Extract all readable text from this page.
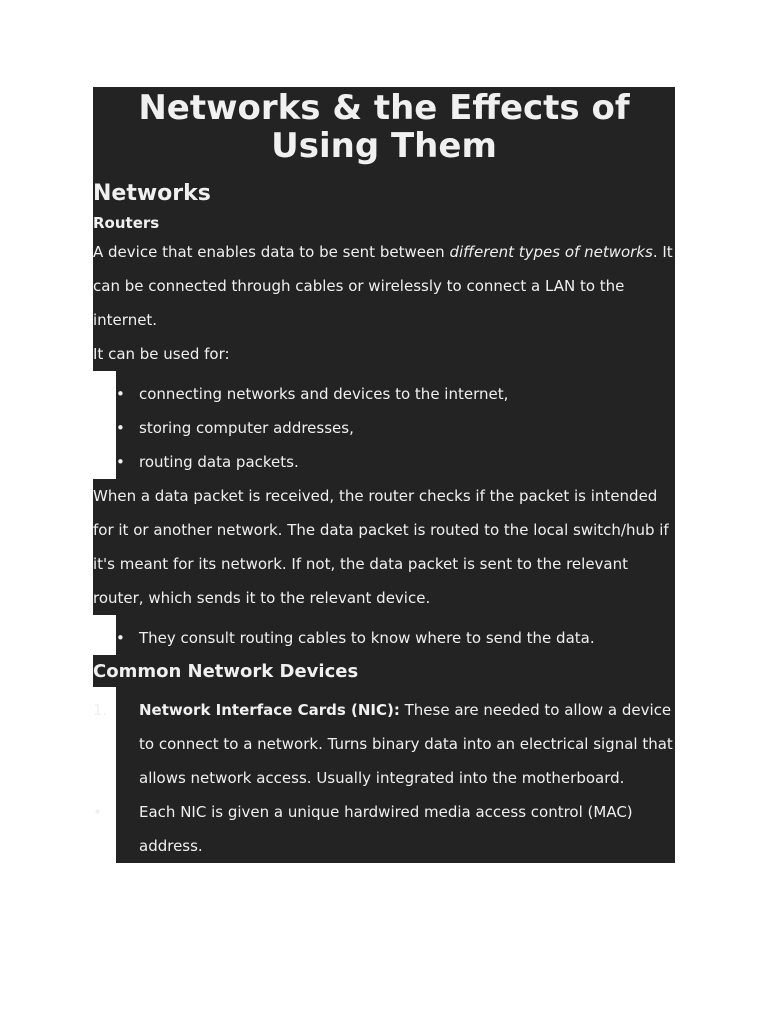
Networks & the Effects of Using Them
Networks
Routers

A device that enables data to be sent between different types of networks. It can be connected through cables or wirelessly to connect a LAN to the internet.

It can be used for:

• connecting networks and devices to the internet,
• storing computer addresses,
• routing data packets.

When a data packet is received, the router checks if the packet is intended for it or another network. The data packet is routed to the local switch/hub if it's meant for its network. If not, the data packet is sent to the relevant router, which sends it to the relevant device.

• They consult routing cables to know where to send the data.
Common Network Devices
1. Network Interface Cards (NIC): These are needed to allow a device to connect to a network. Turns binary data into an electrical signal that allows network access. Usually integrated into the motherboard.
• Each NIC is given a unique hardwired media access control (MAC) address.
